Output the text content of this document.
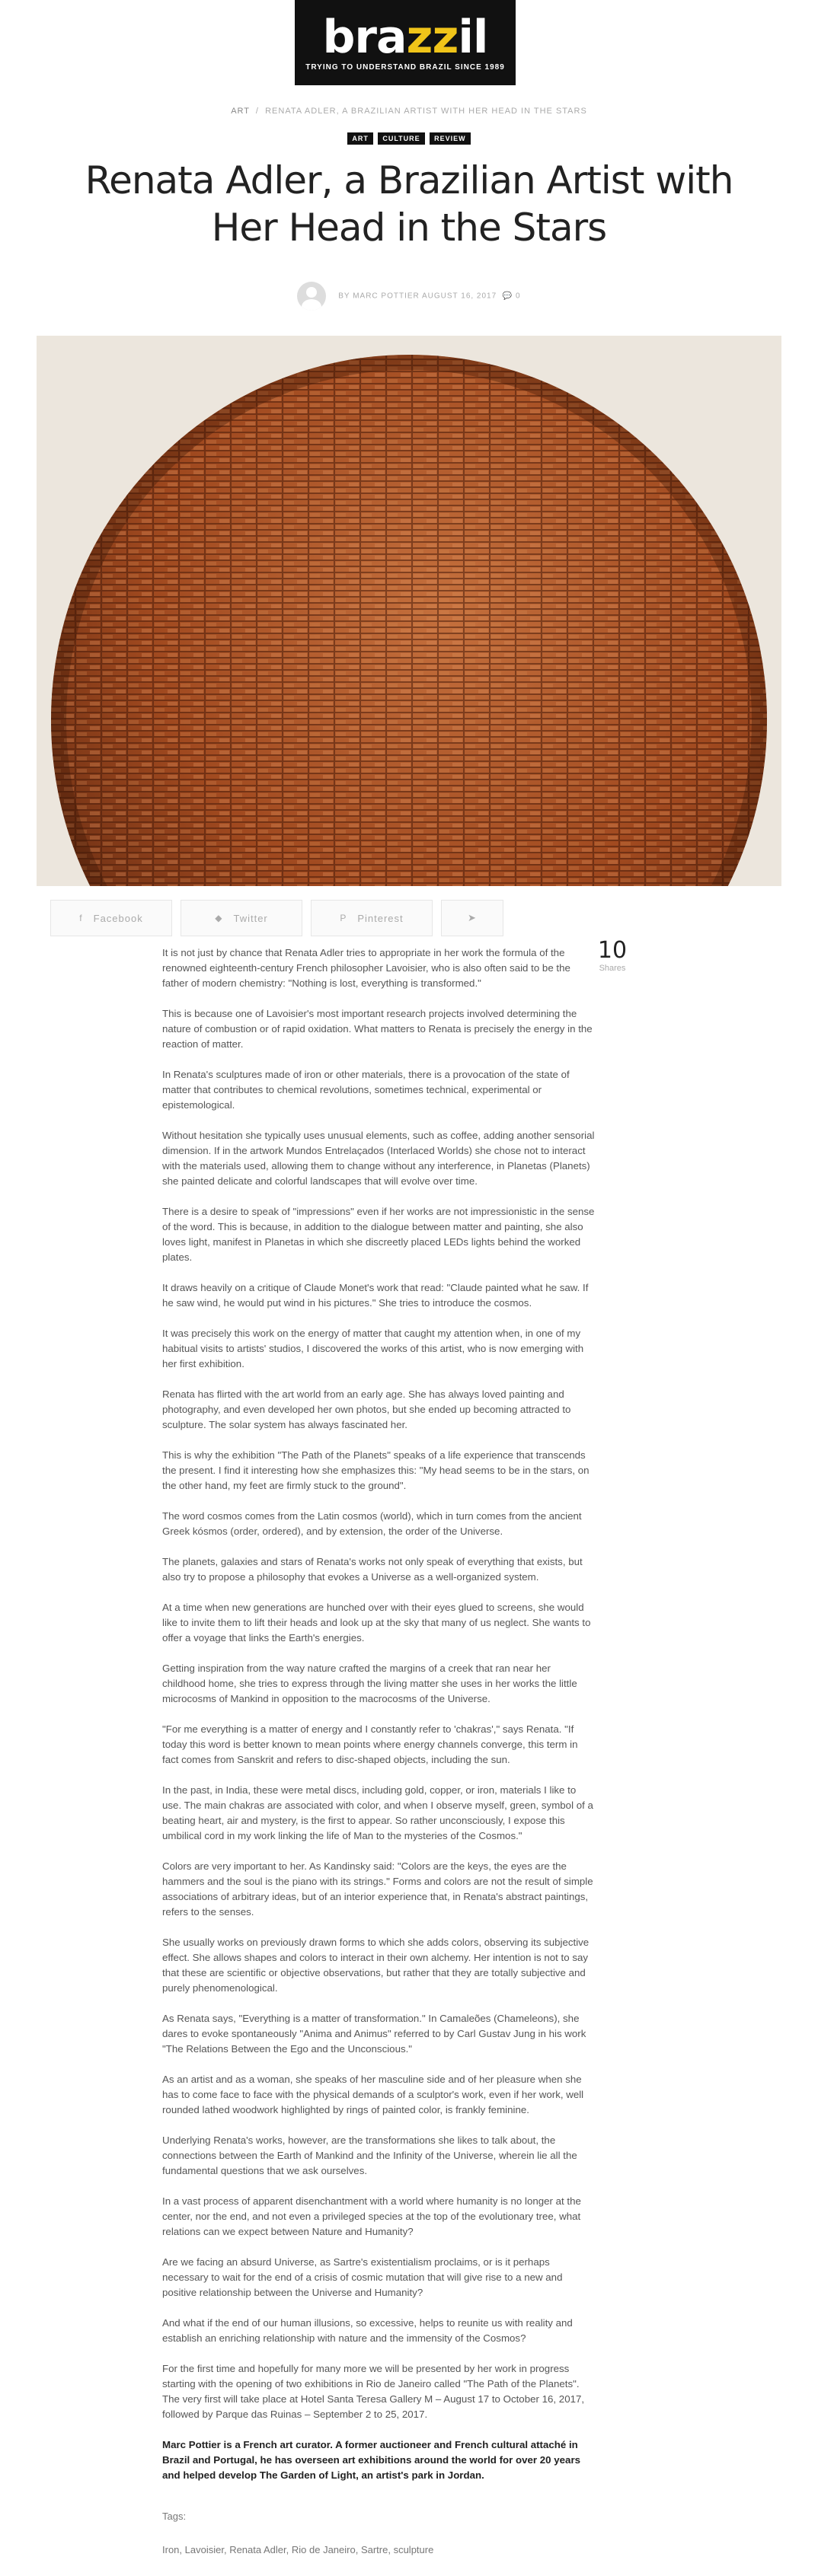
brazzil
TRYING TO UNDERSTAND BRAZIL SINCE 1989
ART / RENATA ADLER, A BRAZILIAN ARTIST WITH HER HEAD IN THE STARS
ART CULTURE REVIEW
Renata Adler, a Brazilian Artist with Her Head in the Stars
BY MARC POTTIER AUGUST 16, 2017 💬 0
f Facebook	◆ Twitter	P Pinterest	➤
10
Shares

It is not just by chance that Renata Adler tries to appropriate in her work the formula of the renowned eighteenth-century French philosopher Lavoisier, who is also often said to be the father of modern chemistry: "Nothing is lost, everything is transformed."

This is because one of Lavoisier's most important research projects involved determining the nature of combustion or of rapid oxidation. What matters to Renata is precisely the energy in the reaction of matter.

In Renata's sculptures made of iron or other materials, there is a provocation of the state of matter that contributes to chemical revolutions, sometimes technical, experimental or epistemological.

Without hesitation she typically uses unusual elements, such as coffee, adding another sensorial dimension. If in the artwork Mundos Entrelaçados (Interlaced Worlds) she chose not to interact with the materials used, allowing them to change without any interference, in Planetas (Planets) she painted delicate and colorful landscapes that will evolve over time.

There is a desire to speak of "impressions" even if her works are not impressionistic in the sense of the word. This is because, in addition to the dialogue between matter and painting, she also loves light, manifest in Planetas in which she discreetly placed LEDs lights behind the worked plates.

It draws heavily on a critique of Claude Monet's work that read: "Claude painted what he saw. If he saw wind, he would put wind in his pictures." She tries to introduce the cosmos.

It was precisely this work on the energy of matter that caught my attention when, in one of my habitual visits to artists' studios, I discovered the works of this artist, who is now emerging with her first exhibition.

Renata has flirted with the art world from an early age. She has always loved painting and photography, and even developed her own photos, but she ended up becoming attracted to sculpture. The solar system has always fascinated her.

This is why the exhibition "The Path of the Planets" speaks of a life experience that transcends the present. I find it interesting how she emphasizes this: "My head seems to be in the stars, on the other hand, my feet are firmly stuck to the ground".

The word cosmos comes from the Latin cosmos (world), which in turn comes from the ancient Greek kósmos (order, ordered), and by extension, the order of the Universe.

The planets, galaxies and stars of Renata's works not only speak of everything that exists, but also try to propose a philosophy that evokes a Universe as a well-organized system.

At a time when new generations are hunched over with their eyes glued to screens, she would like to invite them to lift their heads and look up at the sky that many of us neglect. She wants to offer a voyage that links the Earth's energies.

Getting inspiration from the way nature crafted the margins of a creek that ran near her childhood home, she tries to express through the living matter she uses in her works the little microcosms of Mankind in opposition to the macrocosms of the Universe.

"For me everything is a matter of energy and I constantly refer to 'chakras'," says Renata. "If today this word is better known to mean points where energy channels converge, this term in fact comes from Sanskrit and refers to disc-shaped objects, including the sun.

In the past, in India, these were metal discs, including gold, copper, or iron, materials I like to use. The main chakras are associated with color, and when I observe myself, green, symbol of a beating heart, air and mystery, is the first to appear. So rather unconsciously, I expose this umbilical cord in my work linking the life of Man to the mysteries of the Cosmos."

Colors are very important to her. As Kandinsky said: "Colors are the keys, the eyes are the hammers and the soul is the piano with its strings." Forms and colors are not the result of simple associations of arbitrary ideas, but of an interior experience that, in Renata's abstract paintings, refers to the senses.

She usually works on previously drawn forms to which she adds colors, observing its subjective effect. She allows shapes and colors to interact in their own alchemy. Her intention is not to say that these are scientific or objective observations, but rather that they are totally subjective and purely phenomenological.

As Renata says, "Everything is a matter of transformation." In Camaleões (Chameleons), she dares to evoke spontaneously "Anima and Animus" referred to by Carl Gustav Jung in his work "The Relations Between the Ego and the Unconscious."

As an artist and as a woman, she speaks of her masculine side and of her pleasure when she has to come face to face with the physical demands of a sculptor's work, even if her work, well rounded lathed woodwork highlighted by rings of painted color, is frankly feminine.

Underlying Renata's works, however, are the transformations she likes to talk about, the connections between the Earth of Mankind and the Infinity of the Universe, wherein lie all the fundamental questions that we ask ourselves.

In a vast process of apparent disenchantment with a world where humanity is no longer at the center, nor the end, and not even a privileged species at the top of the evolutionary tree, what relations can we expect between Nature and Humanity?

Are we facing an absurd Universe, as Sartre's existentialism proclaims, or is it perhaps necessary to wait for the end of a crisis of cosmic mutation that will give rise to a new and positive relationship between the Universe and Humanity?

And what if the end of our human illusions, so excessive, helps to reunite us with reality and establish an enriching relationship with nature and the immensity of the Cosmos?

For the first time and hopefully for many more we will be presented by her work in progress starting with the opening of two exhibitions in Rio de Janeiro called "The Path of the Planets". The very first will take place at Hotel Santa Teresa Gallery M – August 17 to October 16, 2017, followed by Parque das Ruinas – September 2 to 25, 2017.

Marc Pottier is a French art curator. A former auctioneer and French cultural attaché in Brazil and Portugal, he has overseen art exhibitions around the world for over 20 years and helped develop The Garden of Light, an artist's park in Jordan.

Tags:
Iron, Lavoisier, Renata Adler, Rio de Janeiro, Sartre, sculpture
